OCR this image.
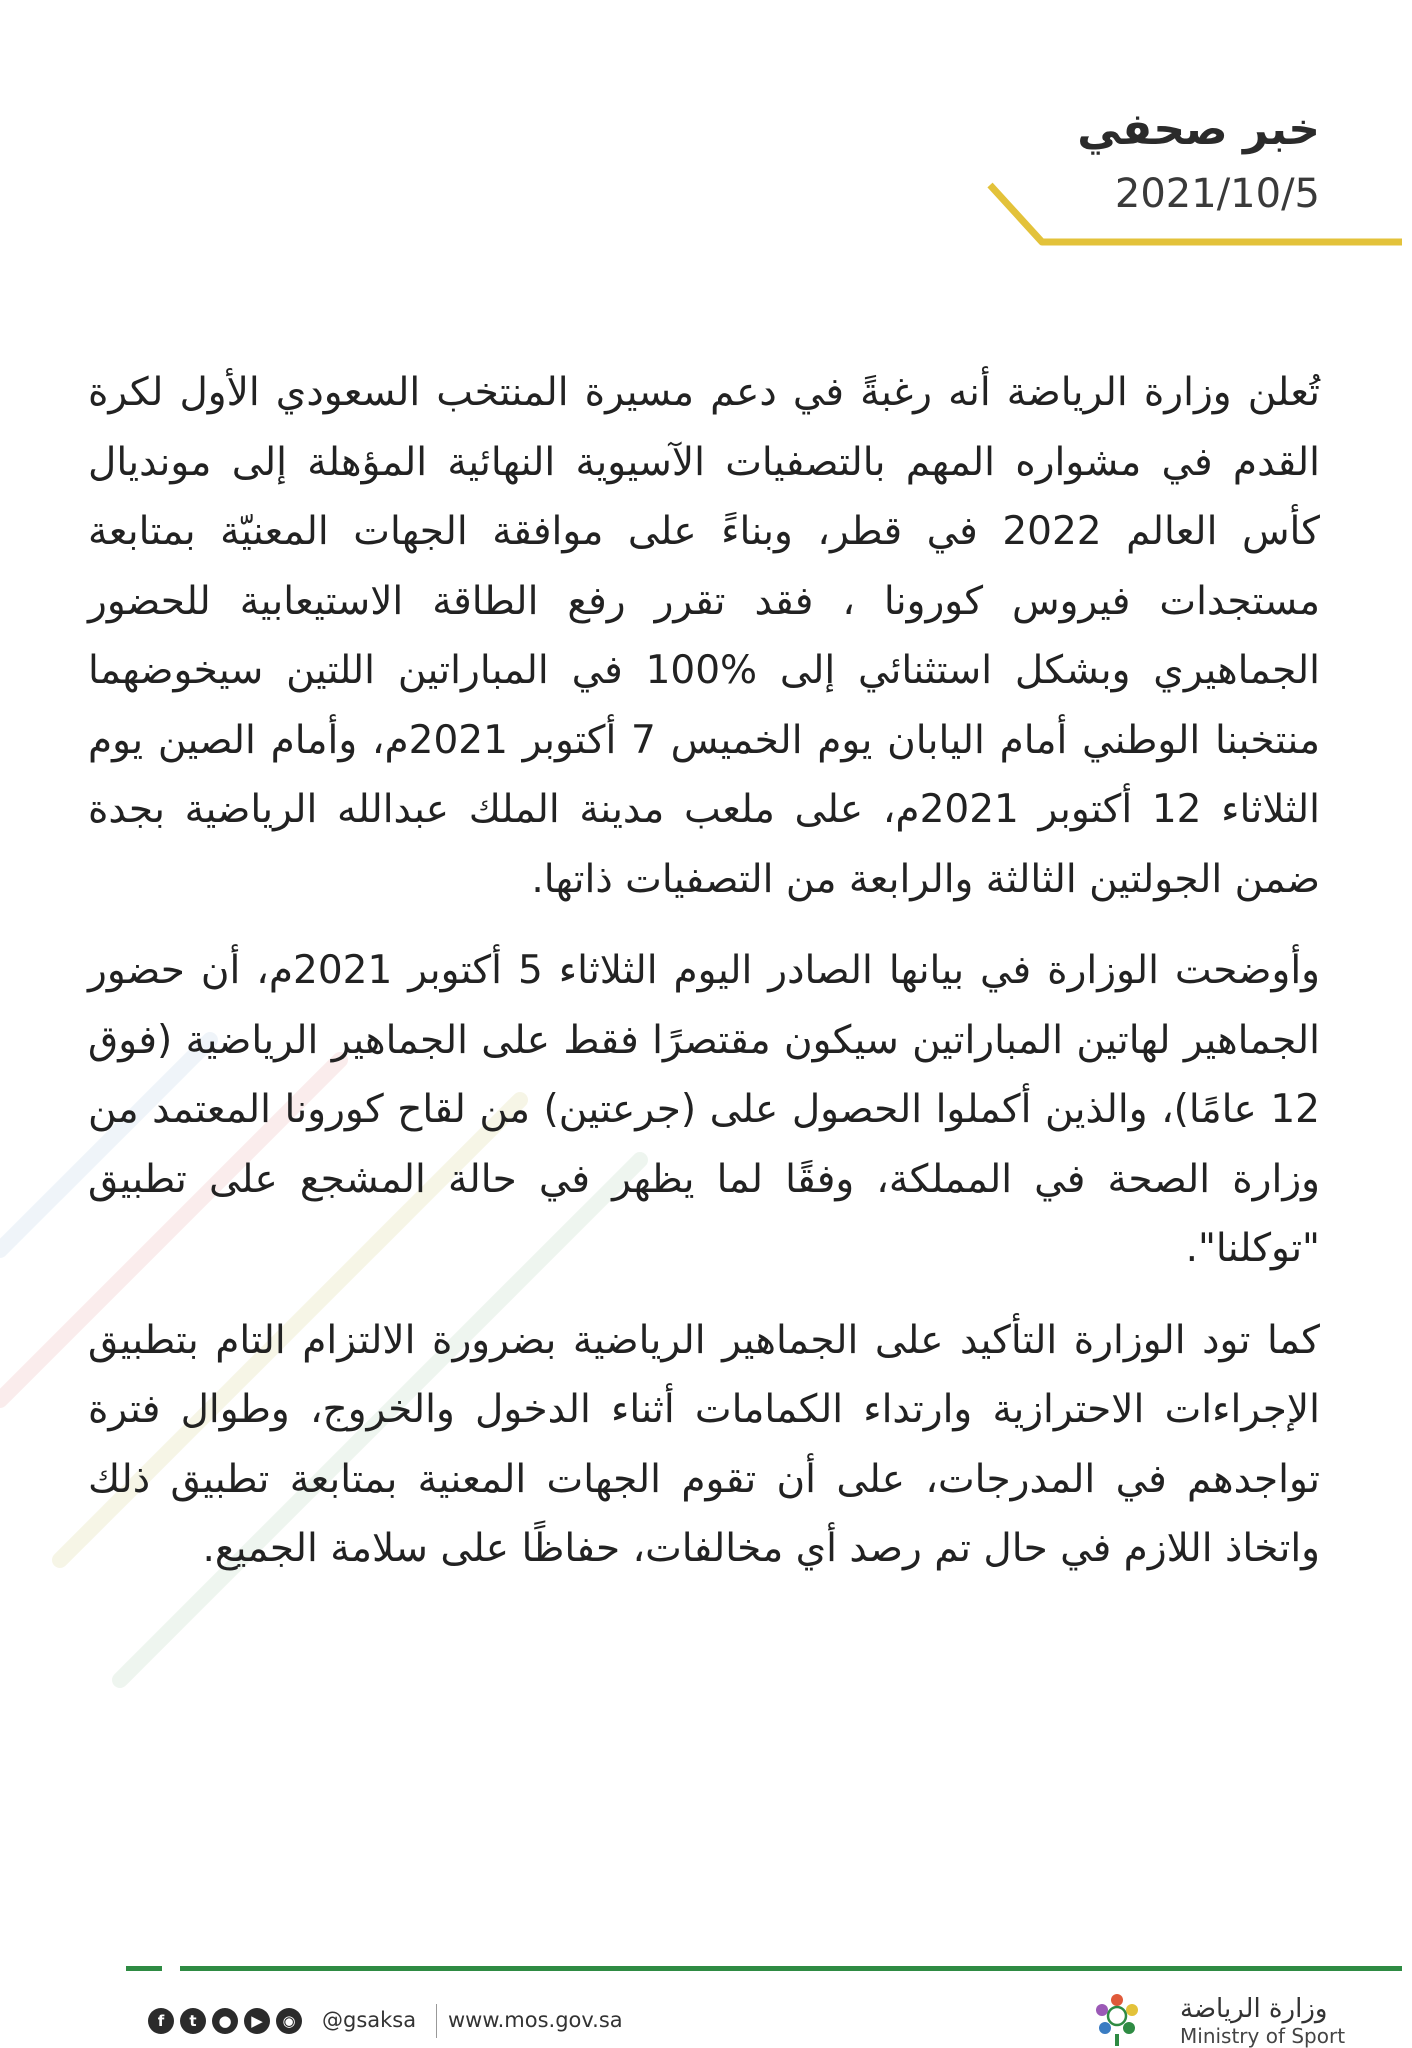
خبر صحفي
2021/10/5

تُعلن وزارة الرياضة أنه رغبةً في دعم مسيرة المنتخب السعودي الأول لكرة القدم في مشواره المهم بالتصفيات الآسيوية النهائية المؤهلة إلى مونديال كأس العالم 2022 في قطر، وبناءً على موافقة الجهات المعنيّة بمتابعة مستجدات فيروس كورونا ، فقد تقرر رفع الطاقة الاستيعابية للحضور الجماهيري وبشكل استثنائي إلى %100 في المباراتين اللتين سيخوضهما منتخبنا الوطني أمام اليابان يوم الخميس 7 أكتوبر 2021م، وأمام الصين يوم الثلاثاء 12 أكتوبر 2021م، على ملعب مدينة الملك عبدالله الرياضية بجدة ضمن الجولتين الثالثة والرابعة من التصفيات ذاتها.

وأوضحت الوزارة في بيانها الصادر اليوم الثلاثاء 5 أكتوبر 2021م، أن حضور الجماهير لهاتين المباراتين سيكون مقتصرًا فقط على الجماهير الرياضية (فوق 12 عامًا)، والذين أكملوا الحصول على (جرعتين) من لقاح كورونا المعتمد من وزارة الصحة في المملكة، وفقًا لما يظهر في حالة المشجع على تطبيق "توكلنا".

كما تود الوزارة التأكيد على الجماهير الرياضية بضرورة الالتزام التام بتطبيق الإجراءات الاحترازية وارتداء الكمامات أثناء الدخول والخروج، وطوال فترة تواجدهم في المدرجات، على أن تقوم الجهات المعنية بمتابعة تطبيق ذلك واتخاذ اللازم في حال تم رصد أي مخالفات، حفاظًا على سلامة الجميع.

f	t	●	▶	◉	@gsaksa www.mos.gov.sa	وزارة الرياضة
Ministry of Sport
